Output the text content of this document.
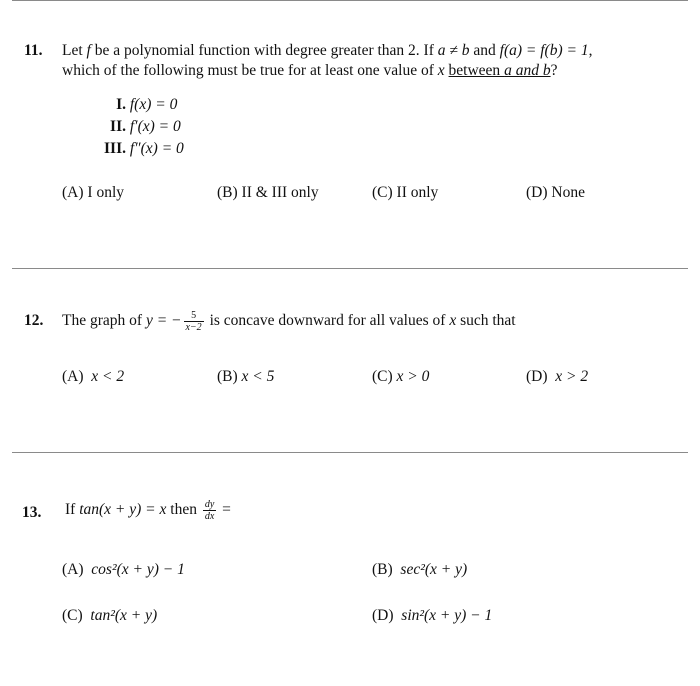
11. Let f be a polynomial function with degree greater than 2. If a ≠ b and f(a) = f(b) = 1,
which of the following must be true for at least one value of x between a and b?
I. f(x) = 0
II. f′(x) = 0
III. f″(x) = 0
(A) I only	(B) II & III only	(C) II only	(D) None
12. The graph of y = − $\frac{5}{x-2}$ is concave downward for all values of x such that
(A) x < 2	(B) x < 5	(C) x > 0	(D) x > 2
13. If tan(x + y) = x then $\frac{dy}{dx}$ =
(A) cos²(x + y) − 1	(B) sec²(x + y)
(C) tan²(x + y)	(D) sin²(x + y) − 1
